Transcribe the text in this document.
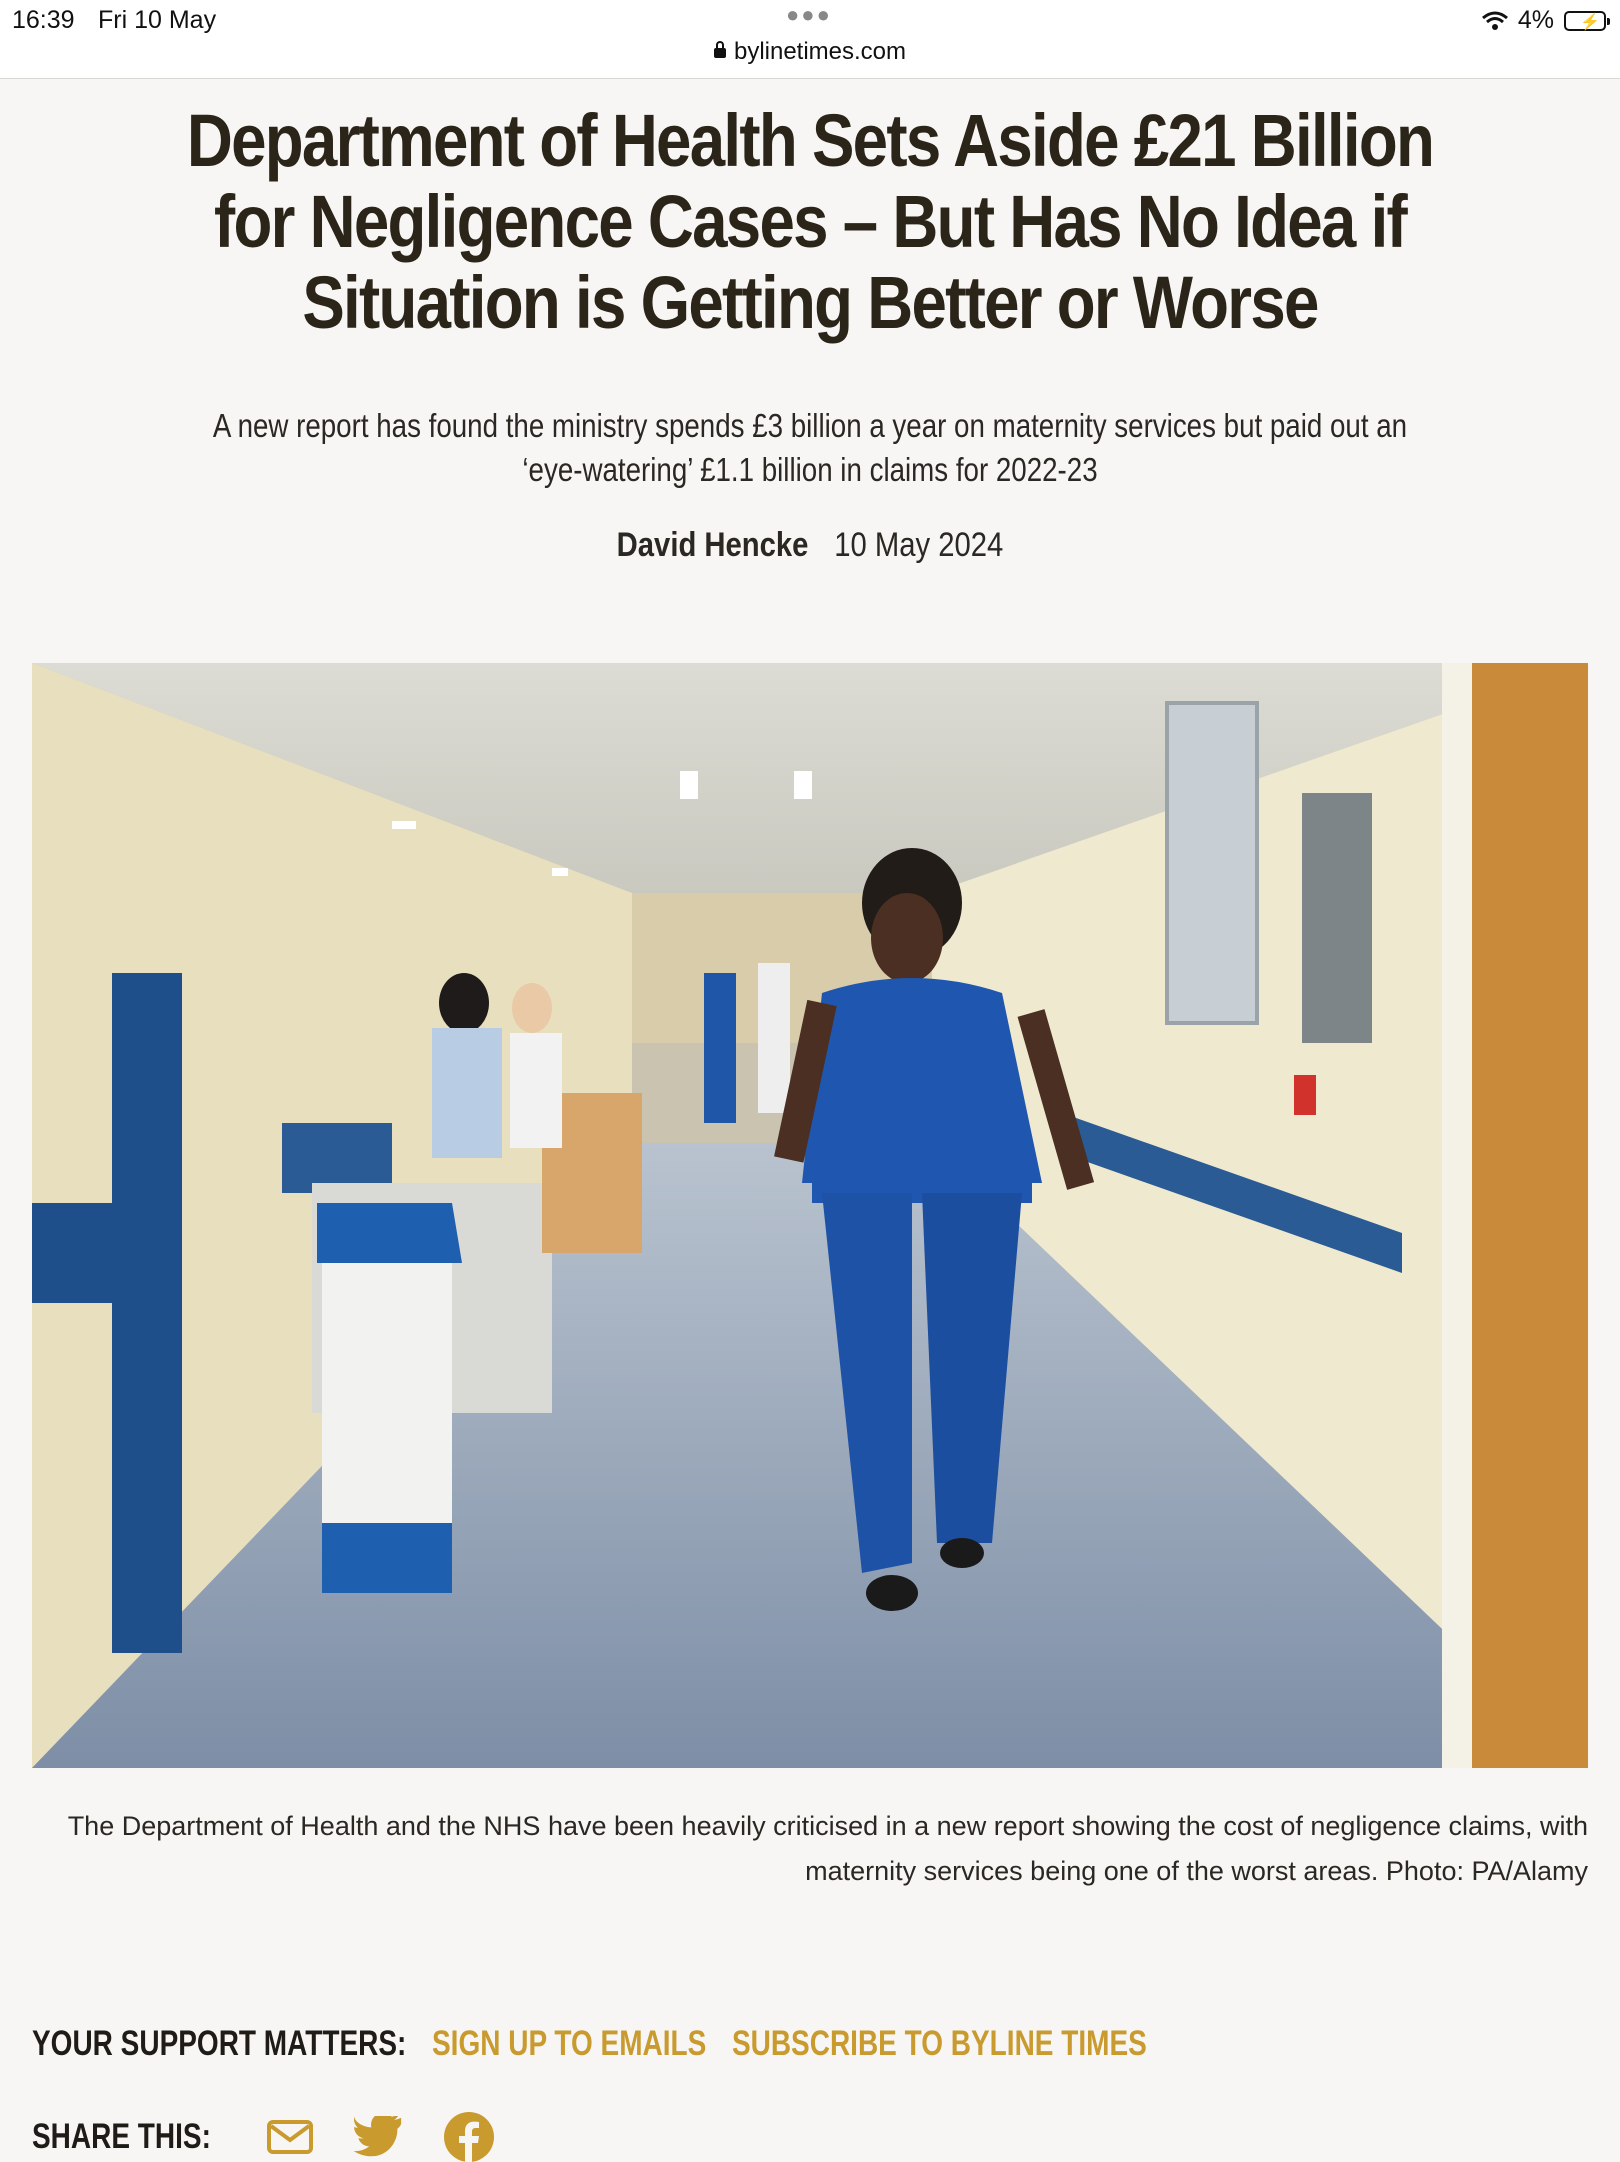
16:39 Fri 10 May	●●●
bylinetimes.com
4% ⚡
Department of Health Sets Aside £21 Billion for Negligence Cases – But Has No Idea if Situation is Getting Better or Worse

A new report has found the ministry spends £3 billion a year on maternity services but paid out an ‘eye-watering’ £1.1 billion in claims for 2022-23

David Hencke 10 May 2024

The Department of Health and the NHS have been heavily criticised in a new report showing the cost of negligence claims, with maternity services being one of the worst areas. Photo: PA/Alamy

YOUR SUPPORT MATTERS: SIGN UP TO EMAILS SUBSCRIBE TO BYLINE TIMES
SHARE THIS:
